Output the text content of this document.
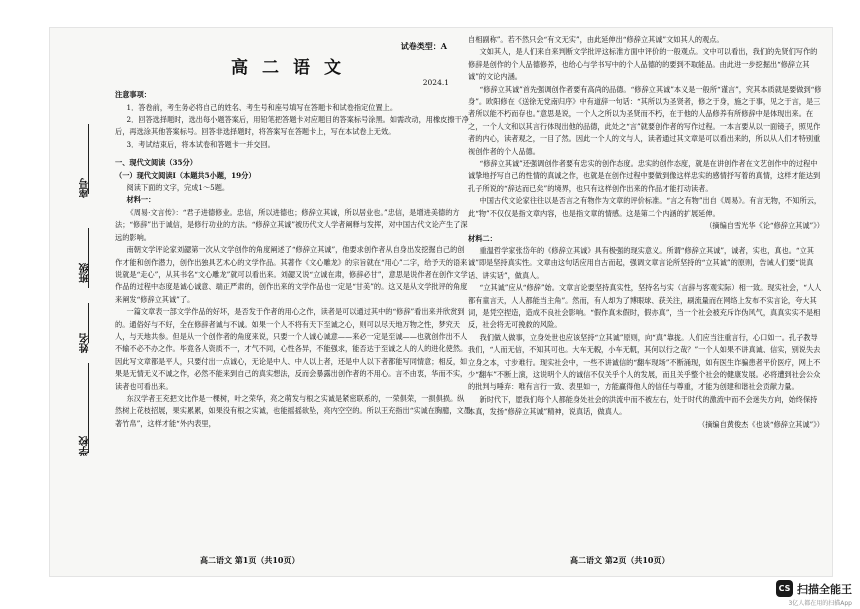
座号
班级
姓名
学校
试卷类型：A
高二语文
2024.1

注意事项：

1．答卷前，考生务必将自己的姓名、考生号和座号填写在答题卡和试卷指定位置上。

2．回答选择题时，选出每小题答案后，用铅笔把答题卡对应题目的答案标号涂黑。如需改动，用橡皮擦干净后，再选涂其他答案标号。回答非选择题时，将答案写在答题卡上，写在本试卷上无效。

3．考试结束后，将本试卷和答题卡一并交回。

一、现代文阅读（35分）

（一）现代文阅读Ⅰ（本题共5小题，19分）

阅读下面的文字，完成1～5题。

材料一：

《周易·文言传》：“君子进德修业。忠信，所以进德也；修辞立其诚，所以居业也。”忠信，是增进美德的方法；“修辞”出于诚信，是修行功业的方法。“修辞立其诚”被历代文人学者阐释与发挥，对中国古代文论产生了深远的影响。

南朝文学评论家刘勰第一次从文学创作的角度阐述了“修辞立其诚”，他要求创作者从自身出发挖掘自己的创作才能和创作潜力，创作出独具艺术心的文学作品。其著作《文心雕龙》的宗旨就在“用心”二字，给予天的语来说就是“走心”，从其书名“文心雕龙”就可以看出来。刘勰又说“立诚在肃，修辞必甘”，意思是说作者在创作文学作品的过程中态度是诚心诚意、端正严肃的，创作出来的文学作品也一定是“甘美”的。这又是从文学批评的角度来阐发“修辞立其诚”了。

一篇文章表一部文学作品的好坏，是否发于作者的用心之作，读者是可以通过其中的“修辞”看出来并欣赏到的。通俗好与不好，全在修辞者诚与不诚。如果一个人不将有天下至诚之心，则可以尽天地万物之性，梦究天人，与天地共参。但是从一个创作者的角度来说，只要一个人诚心诚意——来必一定是至诚——也就创作出不人不输不必不办之作。毕竟各人资质不一，才气不同，心性各异，不能强求，能否达于至诚之人的人的进化使然。因此写文章都是平人，只要付出一点诚心，无论是中人、中人以上者，还是中人以下者都能写同情意；相反，如果是无情无义不诚之作，必然不能来到自己的真实想法，反而会暴露出创作者的不用心。言不由衷，华而不实，读者也可看出来。

东汉学者王充把文比作是一棵树，叶之荣华，亮之萌发与根之实诚是紧密联系的，一荣俱荣，一损俱损。纵然树上花枝招展，果实累累，如果没有根之实诚，也能摇摇欲坠，亮内空空的。所以王充指出“实诚在胸臆，文墨著竹帛”，这样才能“外内表里，

自相副称”。若不然只会“有文无实”，由此延伸出“修辞立其诚”文如其人的观点。

文如其人，是人们来自来判断文学批评这标准方面中评价的一般观点。文中可以看出，我们的先贤们写作的修辞是创作的个人品德修养，也给心与学书写中的个人品德的的要到不取能品。由此进一步挖掘出“修辞立其诚”的文论内涵。

“修辞立其诚”首先强调创作者要有高尚的品德。“修辞立其诚”本义是一般所“谨言”，究其本质就是要做到“修身”。欧阳修在《送徐无党南归序》中有道辞一句话：“其所以为圣贤者，修之于身，施之于事，见之于言，是三者所以能不朽而存也。”意思是说，一个人之所以为圣贤而不朽，在于他的人品修养有所修辞中是体现出来。在之，一个人文和以其言行体现出他的品德，此处之“言”就要创作者的写作过程。一本言要从以一面镜子，照见作者的内心，读者观之，一目了然。因此一个人的文与人，读者通过其文章是可以看出来的，所以从人们才特别重视创作者的个人品德。

“修辞立其诚”还强调创作者要有忠实的创作态度。忠实的创作态度，就是在讲创作者在文艺创作中的过程中诚挚地抒写自己的性情的真诚之作，也就是在创作过程中要做到像这样忠实的感情抒写着的真情，这样才能达到孔子所说的“辞达而已矣”的境界，也只有这样创作出来的作品才能打动读者。

中国古代文论家往往以是否言之有物作为文章的评价标准。“言之有物”出自《周易》。有言无物，不知所云，此“物”不仅仅是指文章内容，也是指文章的情感。这是第二个内涵的扩展延伸。

（摘编自雪光华《论“修辞立其诚”》）

材料二：

重温哲学家张岱年的《修辞立其诚》具有极强的现实意义。所谓“修辞立其诚”，诚者，实也，真也。“立其诚”即是坚持真实性。文章由这句话应用自古而起，强调文章言论所坚持的“立其诚”的原则，告诫人们要“说真话、讲实话”，做真人。

“立其诚”应从“修辞”始。文章言论要坚持真实性，坚持名与实（言辞与客观实际）相一致。现实社会，“人人都有童言天，人人都能当主角”。然而，有人却为了博眼球、获关注，刷流量而在网络上发布不实言论，夸大其词，是凭空捏造，造成不良社会影响。“假作真未假时，假亦真”，当一个社会被充斥诈伪风气，真真实实不是相反，社会将无可挽救的风险。

我们做人做事，立身处世也应该坚持“立其诚”原则，向“真”靠拢。人们应当注重言行，心口如一。孔子教导我们，“人而无信，不知其可也。大车无輗，小车无軏，其何以行之哉？”一个人如果不讲真诚、信实，别说失去立身之本，寸步难行。现实社会中，一些不讲诚信的“翻车现场”不断涌现，如有医生诈骗患者平价医疗，网上不少“翻车”不断上演，这说明个人的诚信不仅关乎个人的发展，而且关乎整个社会的健康发展。必将遭到社会公众的批判与唾弃：唯有言行一致、表里如一，方能赢得他人的信任与尊重，才能为创建和谐社会贡献力量。

新时代下，愿我们每个人都能身处社会的洪流中而不被左右，处于时代的激流中而不会迷失方向，始终保持本真，发扬“修辞立其诚”精神，说真话，做真人。

（摘编自黄俊杰《也谈“修辞立其诚”》）

高二语文 第1页（共10页）	高二语文 第2页（共10页）
CS 扫描全能王
3亿人都在用的扫描App
